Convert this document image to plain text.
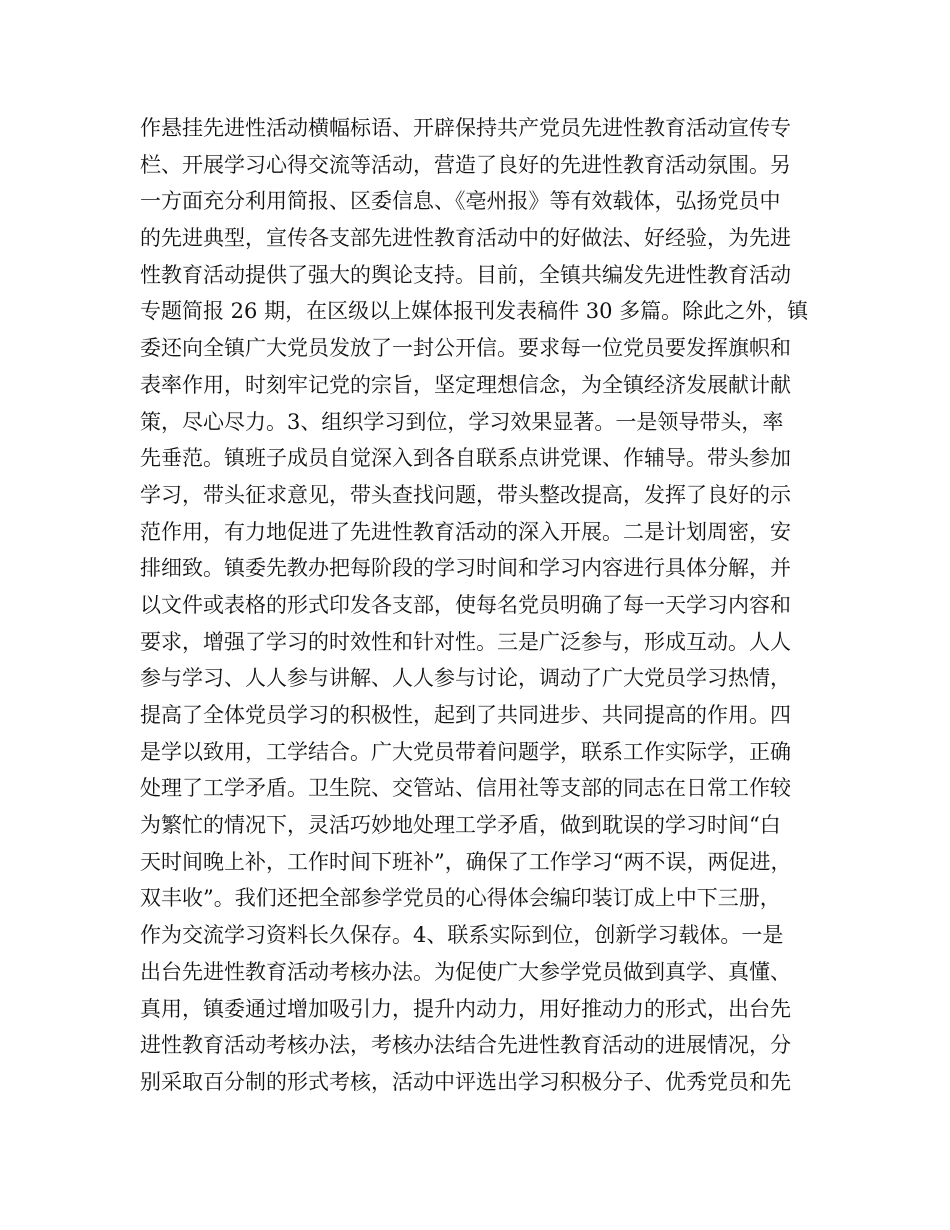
作悬挂先进性活动横幅标语、开辟保持共产党员先进性教育活动宣传专
栏、开展学习心得交流等活动，营造了良好的先进性教育活动氛围。另
一方面充分利用简报、区委信息、《亳州报》等有效载体，弘扬党员中
的先进典型，宣传各支部先进性教育活动中的好做法、好经验，为先进
性教育活动提供了强大的舆论支持。目前，全镇共编发先进性教育活动
专题简报 26 期，在区级以上媒体报刊发表稿件 30 多篇。除此之外，镇
委还向全镇广大党员发放了一封公开信。要求每一位党员要发挥旗帜和
表率作用，时刻牢记党的宗旨，坚定理想信念，为全镇经济发展献计献
策，尽心尽力。3、组织学习到位，学习效果显著。一是领导带头，率
先垂范。镇班子成员自觉深入到各自联系点讲党课、作辅导。带头参加
学习，带头征求意见，带头查找问题，带头整改提高，发挥了良好的示
范作用，有力地促进了先进性教育活动的深入开展。二是计划周密，安
排细致。镇委先教办把每阶段的学习时间和学习内容进行具体分解，并
以文件或表格的形式印发各支部，使每名党员明确了每一天学习内容和
要求，增强了学习的时效性和针对性。三是广泛参与，形成互动。人人
参与学习、人人参与讲解、人人参与讨论，调动了广大党员学习热情，
提高了全体党员学习的积极性，起到了共同进步、共同提高的作用。四
是学以致用，工学结合。广大党员带着问题学，联系工作实际学，正确
处理了工学矛盾。卫生院、交管站、信用社等支部的同志在日常工作较
为繁忙的情况下，灵活巧妙地处理工学矛盾，做到耽误的学习时间“白
天时间晚上补，工作时间下班补”，确保了工作学习“两不误，两促进，
双丰收”。我们还把全部参学党员的心得体会编印装订成上中下三册，
作为交流学习资料长久保存。4、联系实际到位，创新学习载体。一是
出台先进性教育活动考核办法。为促使广大参学党员做到真学、真懂、
真用，镇委通过增加吸引力，提升内动力，用好推动力的形式，出台先
进性教育活动考核办法，考核办法结合先进性教育活动的进展情况，分
别采取百分制的形式考核，活动中评选出学习积极分子、优秀党员和先
